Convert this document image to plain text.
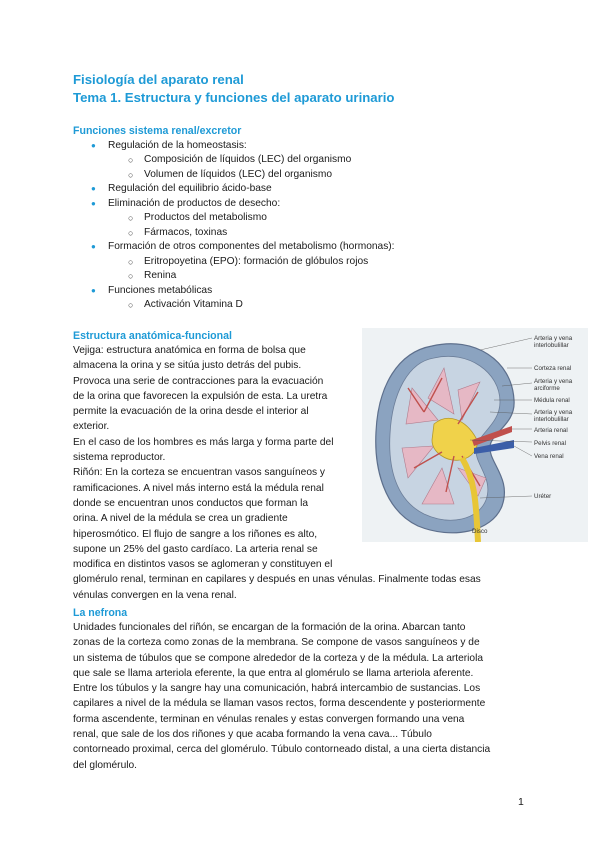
Fisiología del aparato renal
Tema 1. Estructura y funciones del aparato urinario
Funciones sistema renal/excretor
● Regulación de la homeostasis:
○ Composición de líquidos (LEC) del organismo
○ Volumen de líquidos (LEC) del organismo
● Regulación del equilibrio ácido-base
● Eliminación de productos de desecho:
○ Productos del metabolismo
○ Fármacos, toxinas
● Formación de otros componentes del metabolismo (hormonas):
○ Eritropoyetina (EPO): formación de glóbulos rojos
○ Renina
● Funciones metabólicas
○ Activación Vitamina D
Estructura anatómica-funcional
Vejiga: estructura anatómica en forma de bolsa que
almacena la orina y se sitúa justo detrás del pubis.
Provoca una serie de contracciones para la evacuación
de la orina que favorecen la expulsión de esta. La uretra
permite la evacuación de la orina desde el interior al
exterior.
En el caso de los hombres es más larga y forma parte del
sistema reproductor.
Riñón: En la corteza se encuentran vasos sanguíneos y
ramificaciones. A nivel más interno está la médula renal
donde se encuentran unos conductos que forman la
orina. A nivel de la médula se crea un gradiente
hiperosmótico. El flujo de sangre a los riñones es alto,
supone un 25% del gasto cardíaco. La arteria renal se
modifica en distintos vasos se aglomeran y constituyen el
glomérulo renal, terminan en capilares y después en unas vénulas. Finalmente todas esas
vénulas convergen en la vena renal.
Arteria y vena
interlobulillar
Corteza renal
Arteria y vena
arciforme
Médula renal
Arteria y vena
interlobulillar
Arteria renal
Pelvis renal
Vena renal
Uréter
Disco
La nefrona
Unidades funcionales del riñón, se encargan de la formación de la orina. Abarcan tanto
zonas de la corteza como zonas de la membrana. Se compone de vasos sanguíneos y de
un sistema de túbulos que se compone alrededor de la corteza y de la médula. La arteriola
que sale se llama arteriola eferente, la que entra al glomérulo se llama arteriola aferente.
Entre los túbulos y la sangre hay una comunicación, habrá intercambio de sustancias. Los
capilares a nivel de la médula se llaman vasos rectos, forma descendente y posteriormente
forma ascendente, terminan en vénulas renales y estas convergen formando una vena
renal, que sale de los dos riñones y que acaba formando la vena cava... Túbulo
contorneado proximal, cerca del glomérulo. Túbulo contorneado distal, a una cierta distancia
del glomérulo.
1
